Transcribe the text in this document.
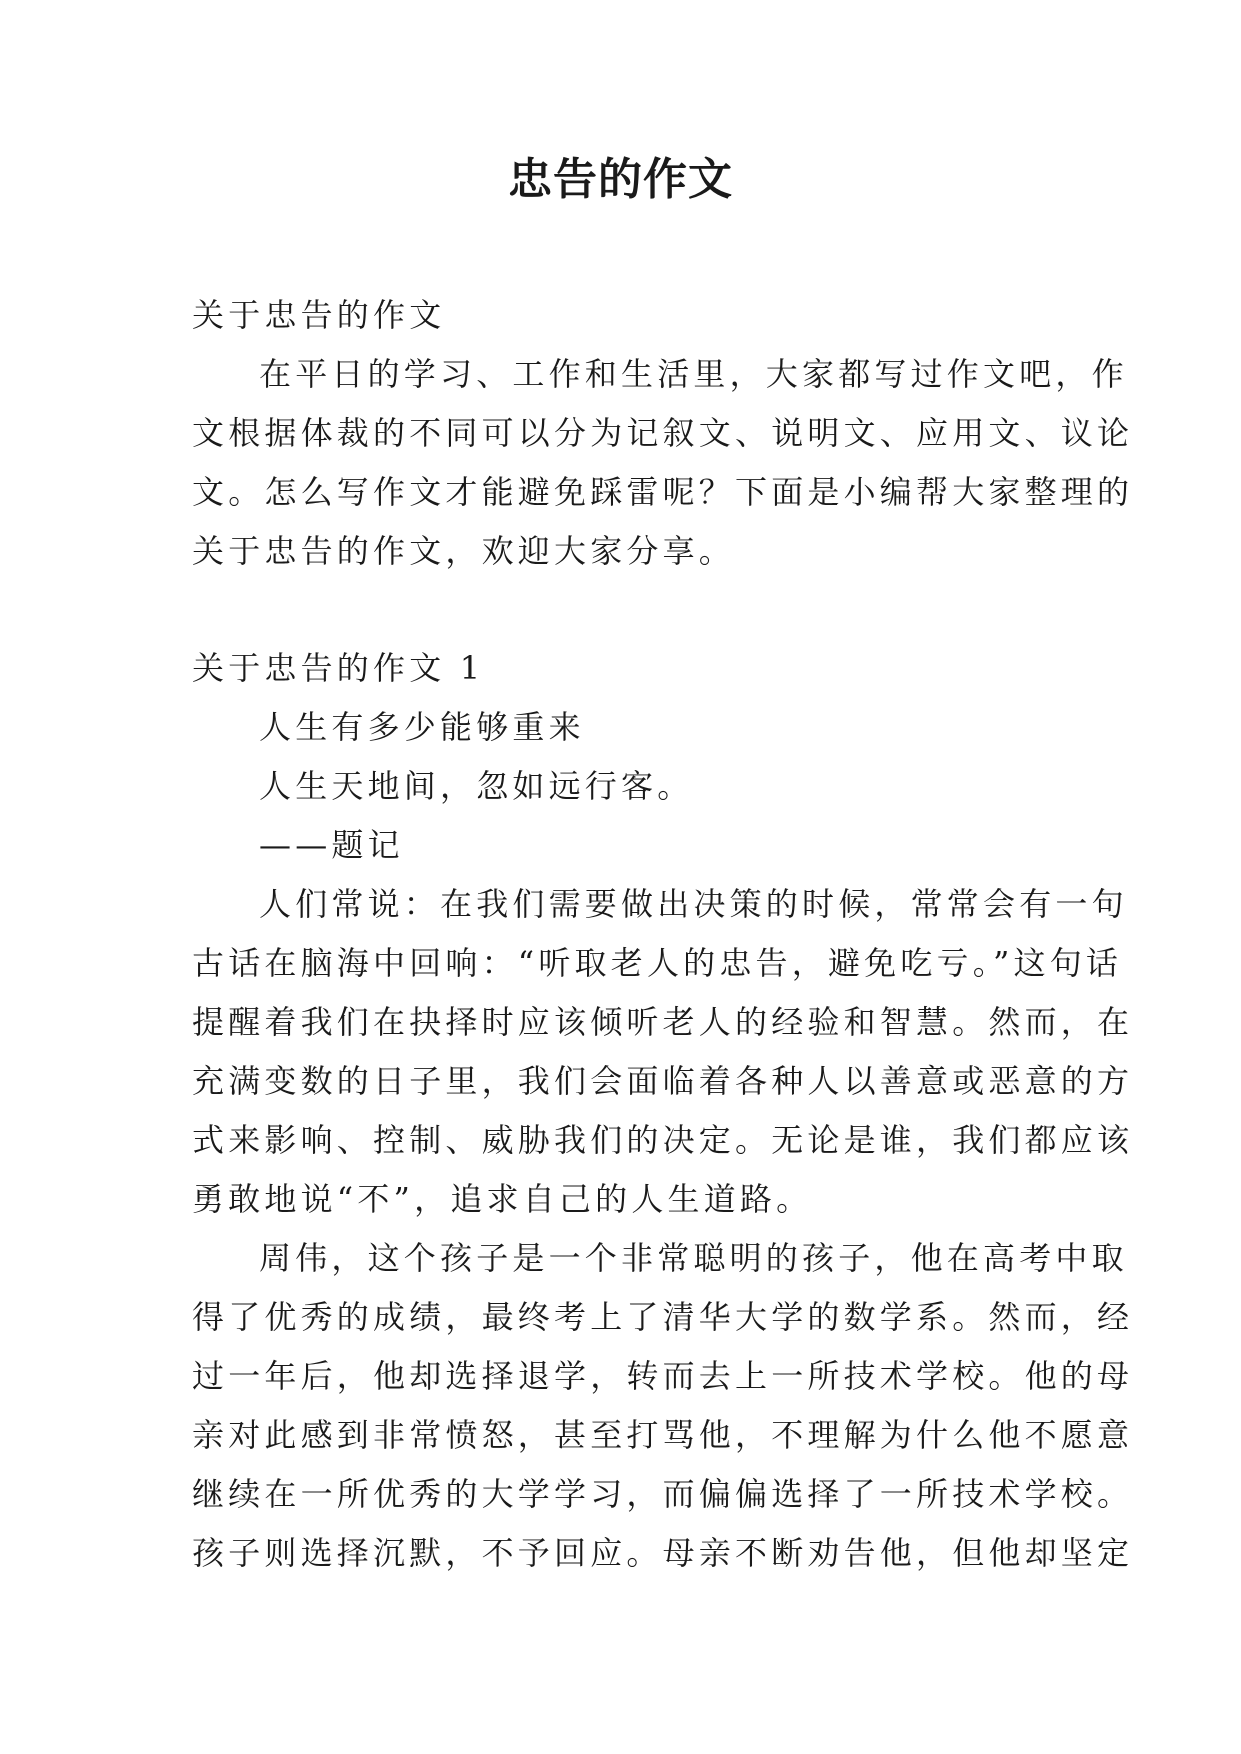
忠告的作文

关于忠告的作文

在平日的学习、工作和生活里，大家都写过作文吧，作

文根据体裁的不同可以分为记叙文、说明文、应用文、议论

文。怎么写作文才能避免踩雷呢？下面是小编帮大家整理的

关于忠告的作文，欢迎大家分享。

关于忠告的作文 1

人生有多少能够重来

人生天地间，忽如远行客。

——题记

人们常说：在我们需要做出决策的时候，常常会有一句

古话在脑海中回响：“听取老人的忠告，避免吃亏。”这句话

提醒着我们在抉择时应该倾听老人的经验和智慧。然而，在

充满变数的日子里，我们会面临着各种人以善意或恶意的方

式来影响、控制、威胁我们的决定。无论是谁，我们都应该

勇敢地说“不”，追求自己的人生道路。

周伟，这个孩子是一个非常聪明的孩子，他在高考中取

得了优秀的成绩，最终考上了清华大学的数学系。然而，经

过一年后，他却选择退学，转而去上一所技术学校。他的母

亲对此感到非常愤怒，甚至打骂他，不理解为什么他不愿意

继续在一所优秀的大学学习，而偏偏选择了一所技术学校。

孩子则选择沉默，不予回应。母亲不断劝告他，但他却坚定
